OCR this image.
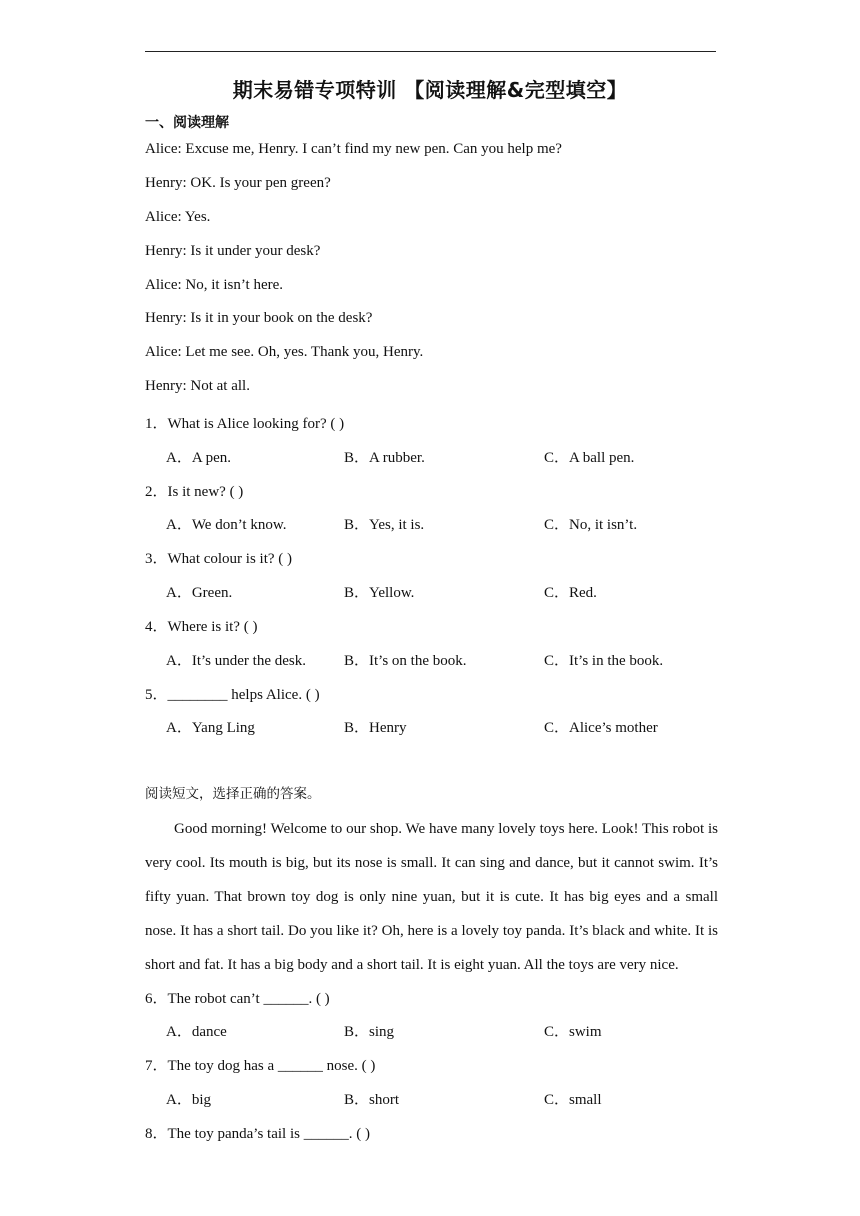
期末易错专项特训 【阅读理解&完型填空】
一、阅读理解
Alice: Excuse me, Henry. I can’t find my new pen. Can you help me?
Henry: OK. Is your pen green?
Alice: Yes.
Henry: Is it under your desk?
Alice: No, it isn’t here.
Henry: Is it in your book on the desk?
Alice: Let me see. Oh, yes. Thank you, Henry.
Henry: Not at all.
1．What is Alice looking for? ( )
A．A pen.	B．A rubber.	C．A ball pen.
2．Is it new? ( )
A．We don’t know.	B．Yes, it is.	C．No, it isn’t.
3．What colour is it? ( )
A．Green.	B．Yellow.	C．Red.
4．Where is it? ( )
A．It’s under the desk.	B．It’s on the book.	C．It’s in the book.
5．________ helps Alice. ( )
A．Yang Ling	B．Henry	C．Alice’s mother
阅读短文，选择正确的答案。
Good morning! Welcome to our shop. We have many lovely toys here. Look! This robot is very cool. Its mouth is big, but its nose is small. It can sing and dance, but it cannot swim. It’s fifty yuan. That brown toy dog is only nine yuan, but it is cute. It has big eyes and a small nose. It has a short tail. Do you like it? Oh, here is a lovely toy panda. It’s black and white. It is short and fat. It has a big body and a short tail. It is eight yuan. All the toys are very nice.
6．The robot can’t ______. ( )
A．dance	B．sing	C．swim
7．The toy dog has a ______ nose. ( )
A．big	B．short	C．small
8．The toy panda’s tail is ______. ( )
